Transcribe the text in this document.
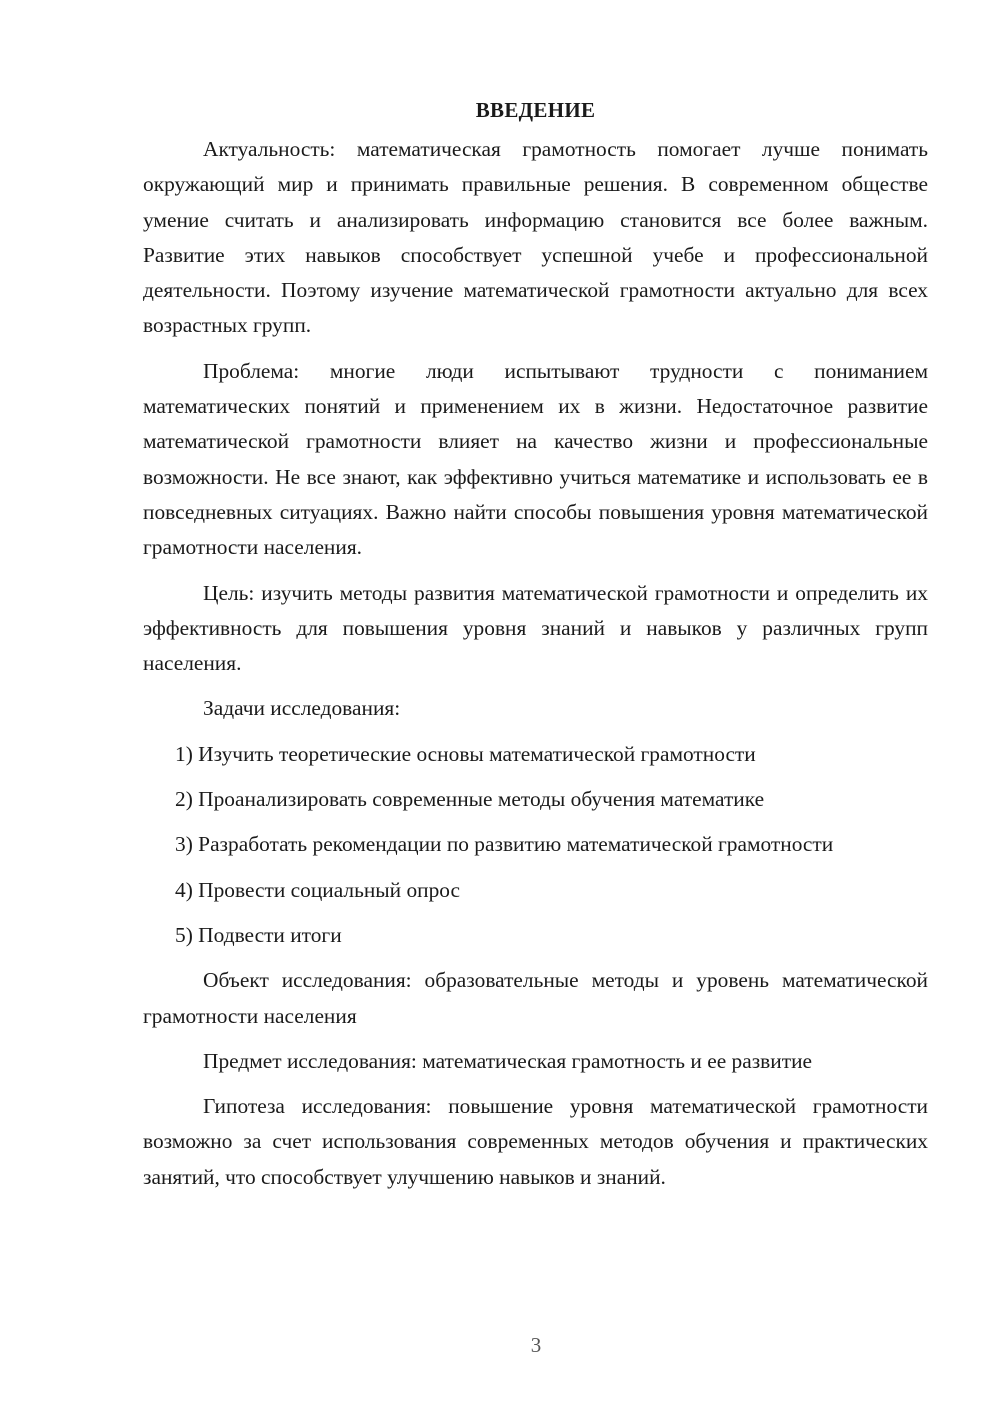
ВВЕДЕНИЕ

Актуальность: математическая грамотность помогает лучше понимать окружающий мир и принимать правильные решения. В современном обществе умение считать и анализировать информацию становится все более важным. Развитие этих навыков способствует успешной учебе и профессиональной деятельности. Поэтому изучение математической грамотности актуально для всех возрастных групп.

Проблема: многие люди испытывают трудности с пониманием математических понятий и применением их в жизни. Недостаточное развитие математической грамотности влияет на качество жизни и профессиональные возможности. Не все знают, как эффективно учиться математике и использовать ее в повседневных ситуациях. Важно найти способы повышения уровня математической грамотности населения.

Цель: изучить методы развития математической грамотности и определить их эффективность для повышения уровня знаний и навыков у различных групп населения.

Задачи исследования:

1) Изучить теоретические основы математической грамотности

2) Проанализировать современные методы обучения математике

3) Разработать рекомендации по развитию математической грамотности

4) Провести социальный опрос

5) Подвести итоги

Объект исследования: образовательные методы и уровень математической грамотности населения

Предмет исследования: математическая грамотность и ее развитие

Гипотеза исследования: повышение уровня математической грамотности возможно за счет использования современных методов обучения и практических занятий, что способствует улучшению навыков и знаний.

3
